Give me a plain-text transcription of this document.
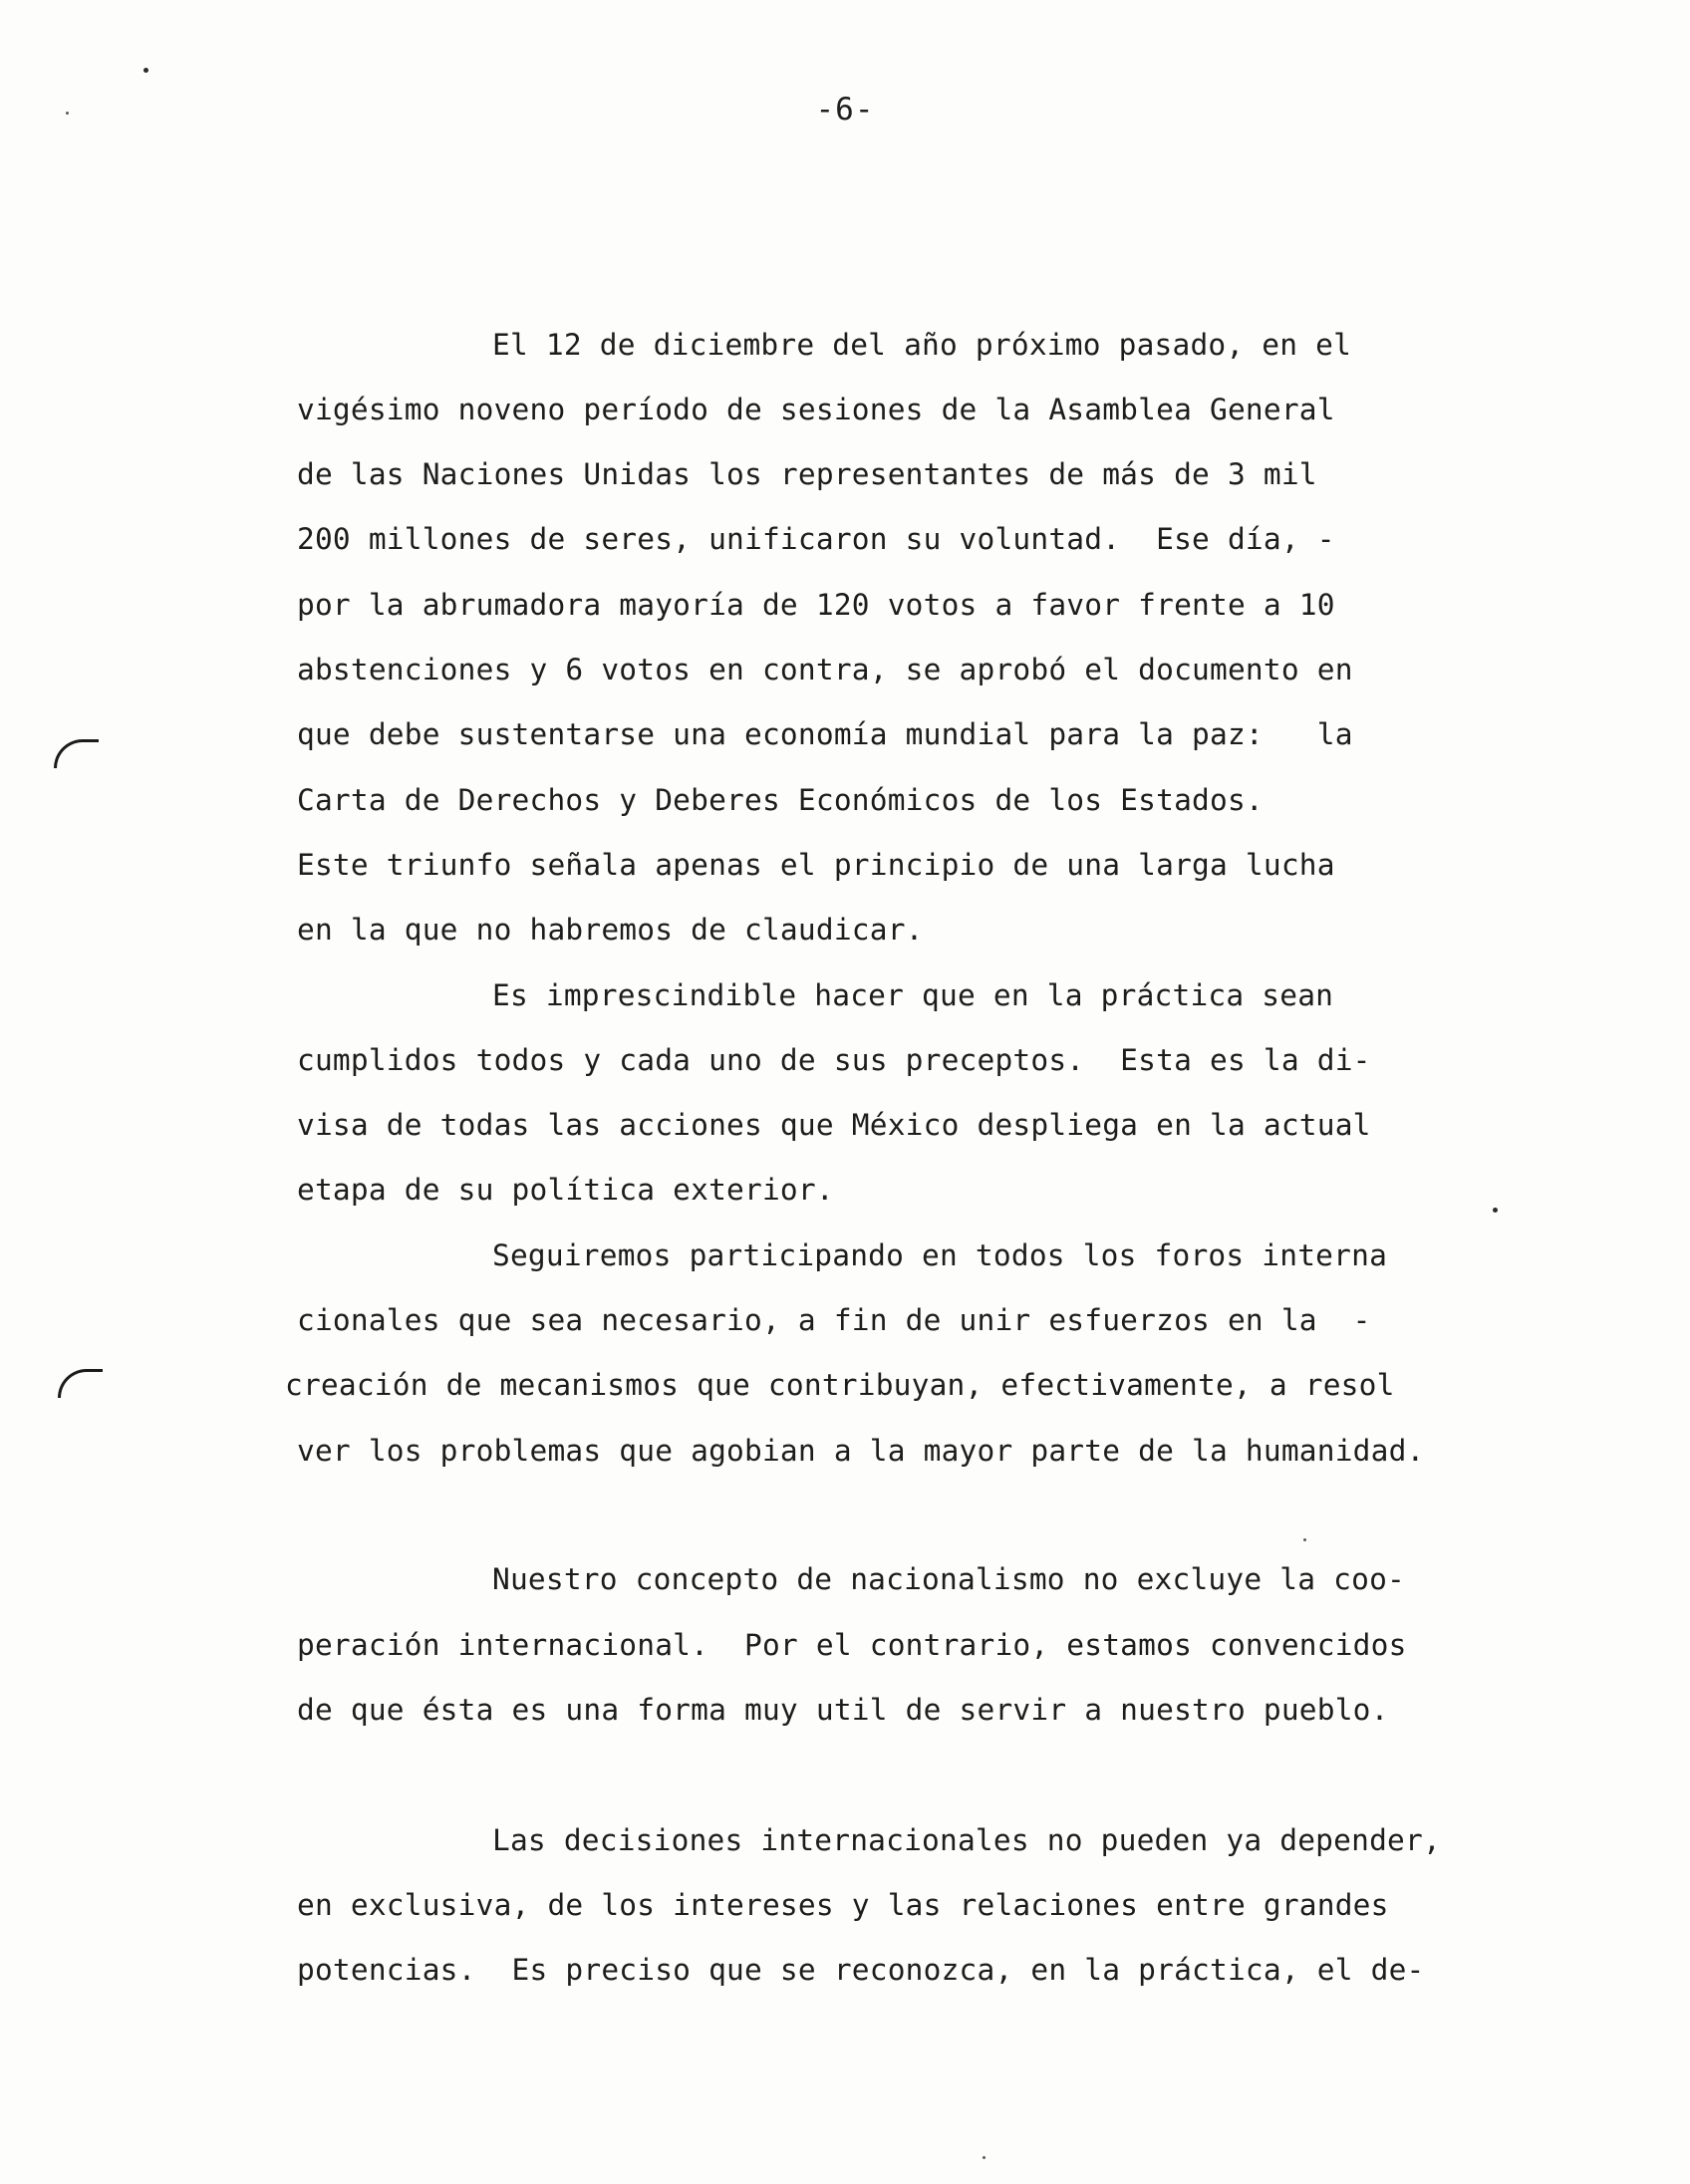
-6-
El 12 de diciembre del año próximo pasado, en el
vigésimo noveno período de sesiones de la Asamblea General
de las Naciones Unidas los representantes de más de 3 mil
200 millones de seres, unificaron su voluntad.  Ese día, -
por la abrumadora mayoría de 120 votos a favor frente a 10
abstenciones y 6 votos en contra, se aprobó el documento en
que debe sustentarse una economía mundial para la paz:   la
Carta de Derechos y Deberes Económicos de los Estados.
Este triunfo señala apenas el principio de una larga lucha
en la que no habremos de claudicar.
Es imprescindible hacer que en la práctica sean
cumplidos todos y cada uno de sus preceptos.  Esta es la di-
visa de todas las acciones que México despliega en la actual
etapa de su política exterior.
Seguiremos participando en todos los foros interna
cionales que sea necesario, a fin de unir esfuerzos en la  -
creación de mecanismos que contribuyan, efectivamente, a resol
ver los problemas que agobian a la mayor parte de la humanidad.
Nuestro concepto de nacionalismo no excluye la coo-
peración internacional.  Por el contrario, estamos convencidos
de que ésta es una forma muy util de servir a nuestro pueblo.
Las decisiones internacionales no pueden ya depender,
en exclusiva, de los intereses y las relaciones entre grandes
potencias.  Es preciso que se reconozca, en la práctica, el de-
